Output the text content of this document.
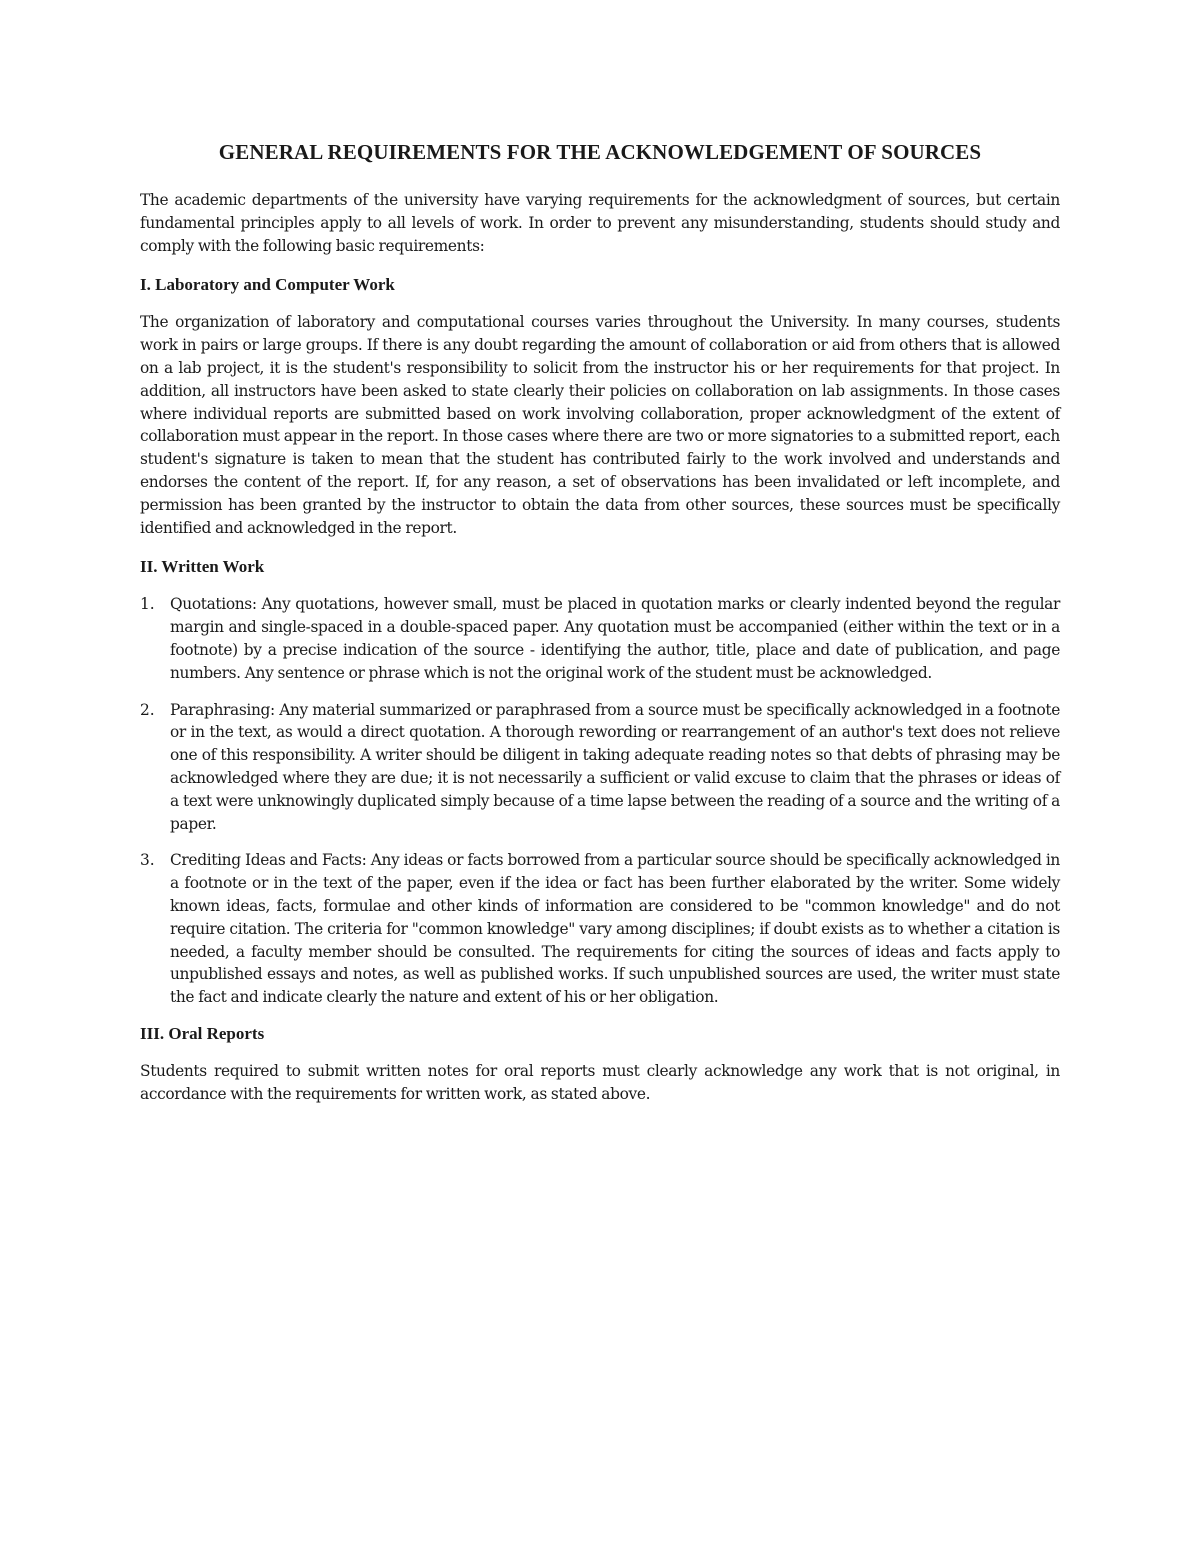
GENERAL REQUIREMENTS FOR THE ACKNOWLEDGEMENT OF SOURCES

The academic departments of the university have varying requirements for the acknowledgment of sources, but certain fundamental principles apply to all levels of work. In order to prevent any misunderstanding, students should study and comply with the following basic requirements:

I. Laboratory and Computer Work

The organization of laboratory and computational courses varies throughout the University. In many courses, students work in pairs or large groups. If there is any doubt regarding the amount of collaboration or aid from others that is allowed on a lab project, it is the student's responsibility to solicit from the instructor his or her requirements for that project. In addition, all instructors have been asked to state clearly their policies on collaboration on lab assignments. In those cases where individual reports are submitted based on work involving collaboration, proper acknowledgment of the extent of collaboration must appear in the report. In those cases where there are two or more signatories to a submitted report, each student's signature is taken to mean that the student has contributed fairly to the work involved and understands and endorses the content of the report. If, for any reason, a set of observations has been invalidated or left incomplete, and permission has been granted by the instructor to obtain the data from other sources, these sources must be specifically identified and acknowledged in the report.

II. Written Work
1. Quotations: Any quotations, however small, must be placed in quotation marks or clearly indented beyond the regular margin and single-spaced in a double-spaced paper. Any quotation must be accompanied (either within the text or in a footnote) by a precise indication of the source - identifying the author, title, place and date of publication, and page numbers. Any sentence or phrase which is not the original work of the student must be acknowledged.
2. Paraphrasing: Any material summarized or paraphrased from a source must be specifically acknowledged in a footnote or in the text, as would a direct quotation. A thorough rewording or rearrangement of an author's text does not relieve one of this responsibility. A writer should be diligent in taking adequate reading notes so that debts of phrasing may be acknowledged where they are due; it is not necessarily a sufficient or valid excuse to claim that the phrases or ideas of a text were unknowingly duplicated simply because of a time lapse between the reading of a source and the writing of a paper.
3. Crediting Ideas and Facts: Any ideas or facts borrowed from a particular source should be specifically acknowledged in a footnote or in the text of the paper, even if the idea or fact has been further elaborated by the writer. Some widely known ideas, facts, formulae and other kinds of information are considered to be "common knowledge" and do not require citation. The criteria for "common knowledge" vary among disciplines; if doubt exists as to whether a citation is needed, a faculty member should be consulted. The requirements for citing the sources of ideas and facts apply to unpublished essays and notes, as well as published works. If such unpublished sources are used, the writer must state the fact and indicate clearly the nature and extent of his or her obligation.
III. Oral Reports

Students required to submit written notes for oral reports must clearly acknowledge any work that is not original, in accordance with the requirements for written work, as stated above.
